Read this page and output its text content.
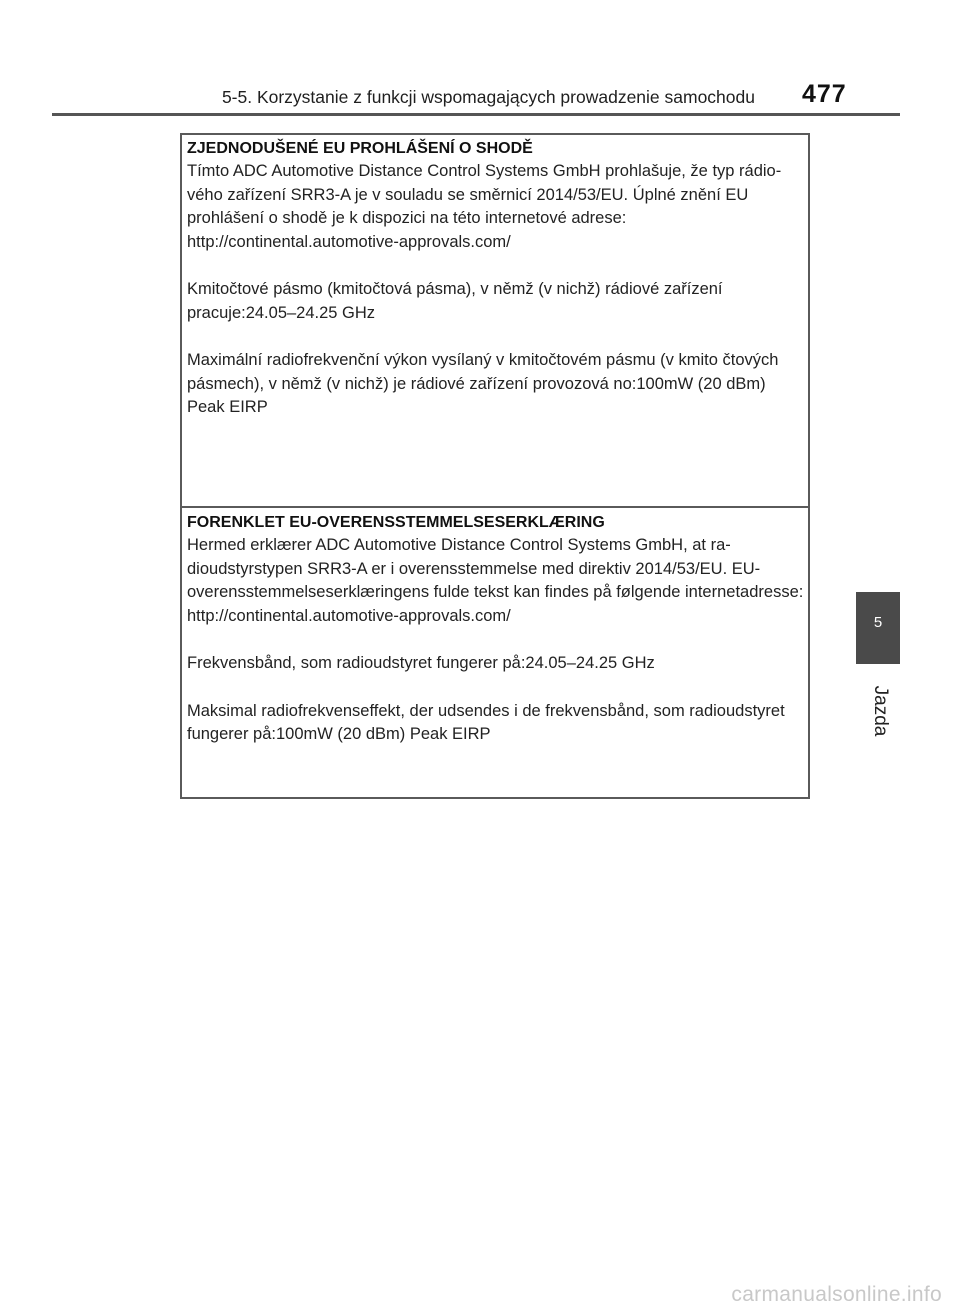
5-5. Korzystanie z funkcji wspomagających prowadzenie samochodu 477
ZJEDNODUŠENÉ EU PROHLÁŠENÍ O SHODĚ

Tímto ADC Automotive Distance Control Systems GmbH prohlašuje, že typ rádio-vého zařízení SRR3-A je v souladu se směrnicí 2014/53/EU. Úplné znění EU prohlášení o shodě je k dispozici na této internetové adrese:

http://continental.automotive-approvals.com/

Kmitočtové pásmo (kmitočtová pásma), v němž (v nichž) rádiové zařízení pracuje:24.05–24.25 GHz

Maximální radiofrekvenční výkon vysílaný v kmitočtovém pásmu (v kmito čtových pásmech), v němž (v nichž) je rádiové zařízení provozová no:100mW (20 dBm) Peak EIRP

FORENKLET EU-OVERENSSTEMMELSESERKLÆRING

Hermed erklærer ADC Automotive Distance Control Systems GmbH, at ra-dioudstyrstypen SRR3-A er i overensstemmelse med direktiv 2014/53/EU. EU-overensstemmelseserklæringens fulde tekst kan findes på følgende internetadresse:

http://continental.automotive-approvals.com/

Frekvensbånd, som radioudstyret fungerer på:24.05–24.25 GHz

Maksimal radiofrekvenseffekt, der udsendes i de frekvensbånd, som radioudstyret fungerer på:100mW (20 dBm) Peak EIRP

5
Jazda
carmanualsonline.info
